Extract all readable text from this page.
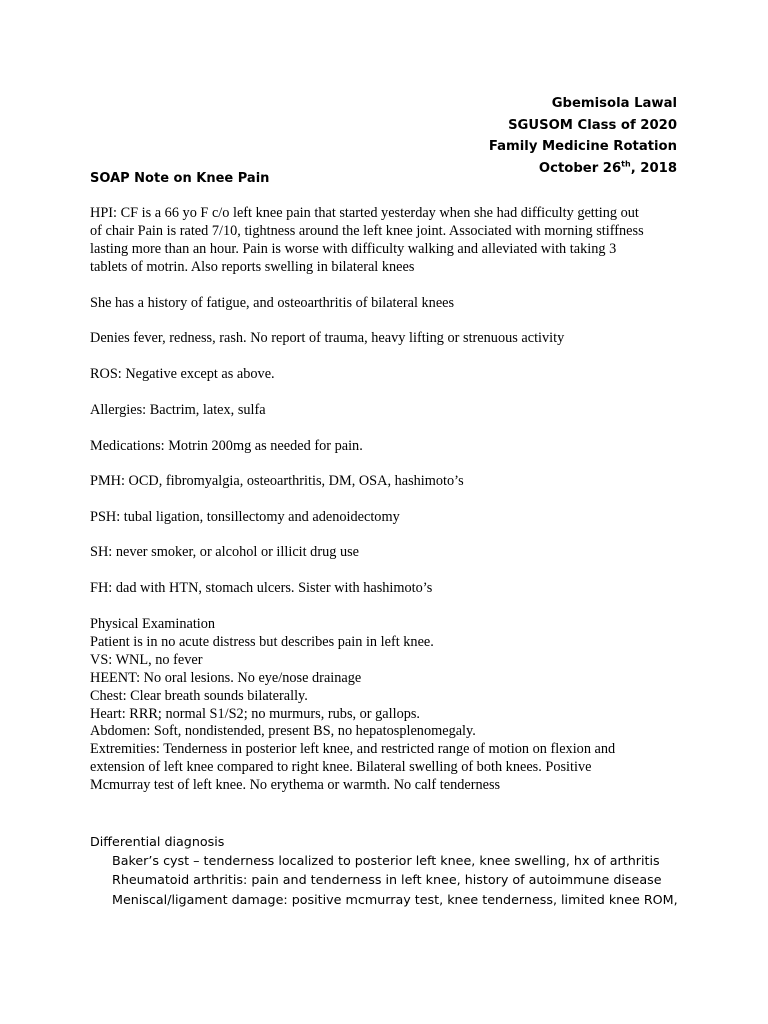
Gbemisola Lawal
SGUSOM Class of 2020
Family Medicine Rotation
October 26th, 2018
SOAP Note on Knee Pain
HPI: CF is a 66 yo F c/o left knee pain that started yesterday when she had difficulty getting out
of chair Pain is rated 7/10, tightness around the left knee joint. Associated with morning stiffness
lasting more than an hour. Pain is worse with difficulty walking and alleviated with taking 3
tablets of motrin. Also reports swelling in bilateral knees
She has a history of fatigue, and osteoarthritis of bilateral knees
Denies fever, redness, rash. No report of trauma, heavy lifting or strenuous activity
ROS: Negative except as above.
Allergies: Bactrim, latex, sulfa
Medications: Motrin 200mg as needed for pain.
PMH: OCD, fibromyalgia, osteoarthritis, DM, OSA, hashimoto’s
PSH: tubal ligation, tonsillectomy and adenoidectomy
SH: never smoker, or alcohol or illicit drug use
FH: dad with HTN, stomach ulcers. Sister with hashimoto’s
Physical Examination
Patient is in no acute distress but describes pain in left knee.
VS: WNL, no fever
HEENT: No oral lesions. No eye/nose drainage
Chest: Clear breath sounds bilaterally.
Heart: RRR; normal S1/S2; no murmurs, rubs, or gallops.
Abdomen: Soft, nondistended, present BS, no hepatosplenomegaly.
Extremities: Tenderness in posterior left knee, and restricted range of motion on flexion and
extension of left knee compared to right knee. Bilateral swelling of both knees. Positive
Mcmurray test of left knee. No erythema or warmth. No calf tenderness
Differential diagnosis
Baker’s cyst – tenderness localized to posterior left knee, knee swelling, hx of arthritis
Rheumatoid arthritis: pain and tenderness in left knee, history of autoimmune disease
Meniscal/ligament damage: positive mcmurray test, knee tenderness, limited knee ROM,
